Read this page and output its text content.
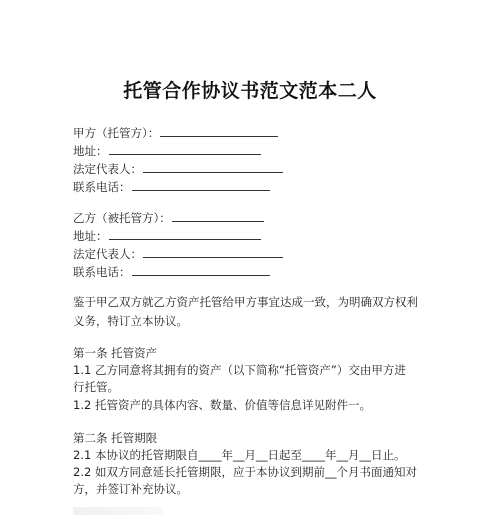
托管合作协议书范文范本二人
甲方（托管方）：
地址：
法定代表人：
联系电话：
乙方（被托管方）：
地址：
法定代表人：
联系电话：
鉴于甲乙双方就乙方资产托管给甲方事宜达成一致，为明确双方权利
义务，特订立本协议。
第一条 托管资产
1.1 乙方同意将其拥有的资产（以下简称“托管资产”）交由甲方进
行托管。
1.2 托管资产的具体内容、数量、价值等信息详见附件一。
第二条 托管期限
2.1 本协议的托管期限自____年__月__日起至____年__月__日止。
2.2 如双方同意延长托管期限，应于本协议到期前__个月书面通知对
方，并签订补充协议。
